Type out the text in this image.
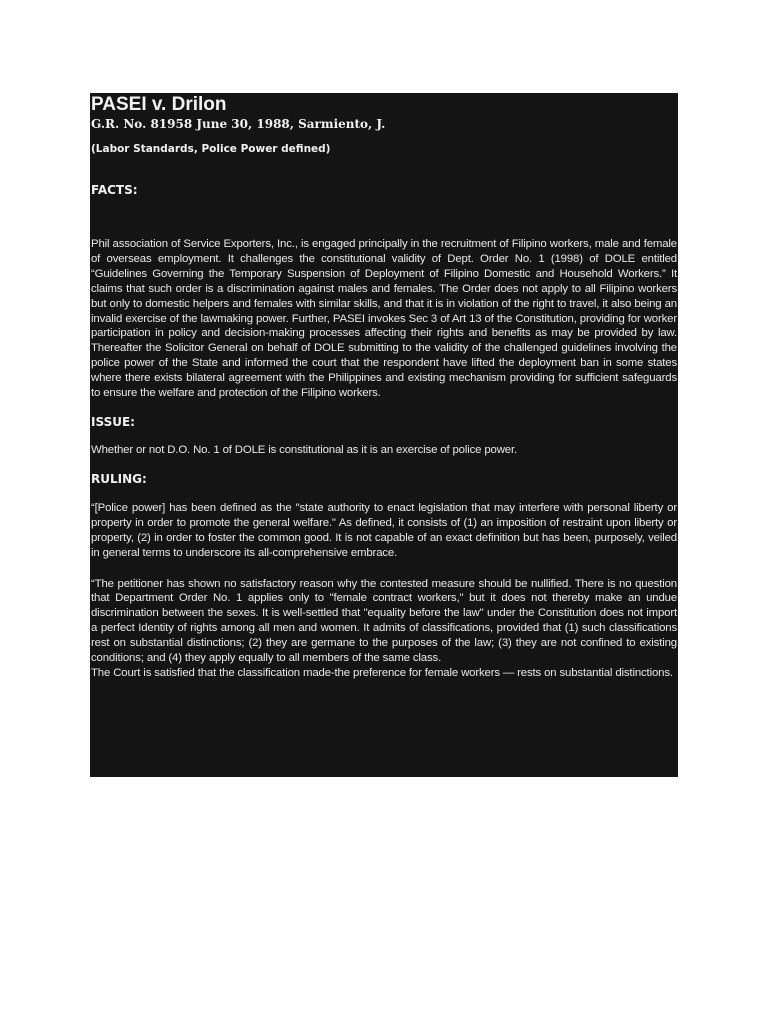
PASEI v. Drilon

G.R. No. 81958 June 30, 1988, Sarmiento, J.

(Labor Standards, Police Power defined)

FACTS:

Phil association of Service Exporters, Inc., is engaged principally in the recruitment of Filipino workers, male and female of overseas employment. It challenges the constitutional validity of Dept. Order No. 1 (1998) of DOLE entitled “Guidelines Governing the Temporary Suspension of Deployment of Filipino Domestic and Household Workers.” It claims that such order is a discrimination against males and females. The Order does not apply to all Filipino workers but only to domestic helpers and females with similar skills, and that it is in violation of the right to travel, it also being an invalid exercise of the lawmaking power. Further, PASEI invokes Sec 3 of Art 13 of the Constitution, providing for worker participation in policy and decision-making processes affecting their rights and benefits as may be provided by law. Thereafter the Solicitor General on behalf of DOLE submitting to the validity of the challenged guidelines involving the police power of the State and informed the court that the respondent have lifted the deployment ban in some states where there exists bilateral agreement with the Philippines and existing mechanism providing for sufficient safeguards to ensure the welfare and protection of the Filipino workers.

ISSUE:

Whether or not D.O. No. 1 of DOLE is constitutional as it is an exercise of police power.

RULING:

“[Police power] has been defined as the "state authority to enact legislation that may interfere with personal liberty or property in order to promote the general welfare." As defined, it consists of (1) an imposition of restraint upon liberty or property, (2) in order to foster the common good. It is not capable of an exact definition but has been, purposely, veiled in general terms to underscore its all-comprehensive embrace.

“The petitioner has shown no satisfactory reason why the contested measure should be nullified. There is no question that Department Order No. 1 applies only to "female contract workers," but it does not thereby make an undue discrimination between the sexes. It is well-settled that "equality before the law" under the Constitution does not import a perfect Identity of rights among all men and women. It admits of classifications, provided that (1) such classifications rest on substantial distinctions; (2) they are germane to the purposes of the law; (3) they are not confined to existing conditions; and (4) they apply equally to all members of the same class.

The Court is satisfied that the classification made-the preference for female workers — rests on substantial distinctions.
